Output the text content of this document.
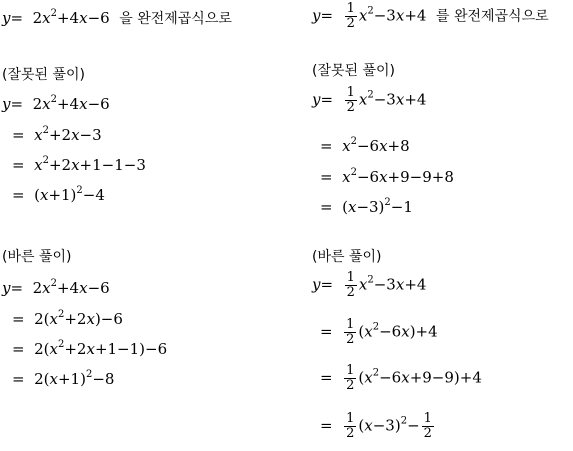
$y= 2x^2+4x-6$  을 완전제곱식으로
(잘못된 풀이)
$y= 2x^2+4x-6$
=  $x^2+2x-3$
=  $x^2+2x+1-1-3$
=  $(x+1)^2-4$
(바른 풀이)
$y= 2x^2+4x-6$
=  $2(x^2+2x)-6$
=  $2(x^2+2x+1-1)-6$
=  $2(x+1)^2-8$
$y= \frac{1}{2} x^2-3x+4$  를 완전제곱식으로
(잘못된 풀이)
$y= \frac{1}{2} x^2-3x+4$
=  $x^2-6x+8$
=  $x^2-6x+9-9+8$
=  $(x-3)^2-1$
(바른 풀이)
$y= \frac{1}{2} x^2-3x+4$
= $\frac{1}{2} (x^2-6x)+4$
= $\frac{1}{2} (x^2-6x+9-9)+4$
= $\frac{1}{2} (x-3)^2- \frac{1}{2}$
